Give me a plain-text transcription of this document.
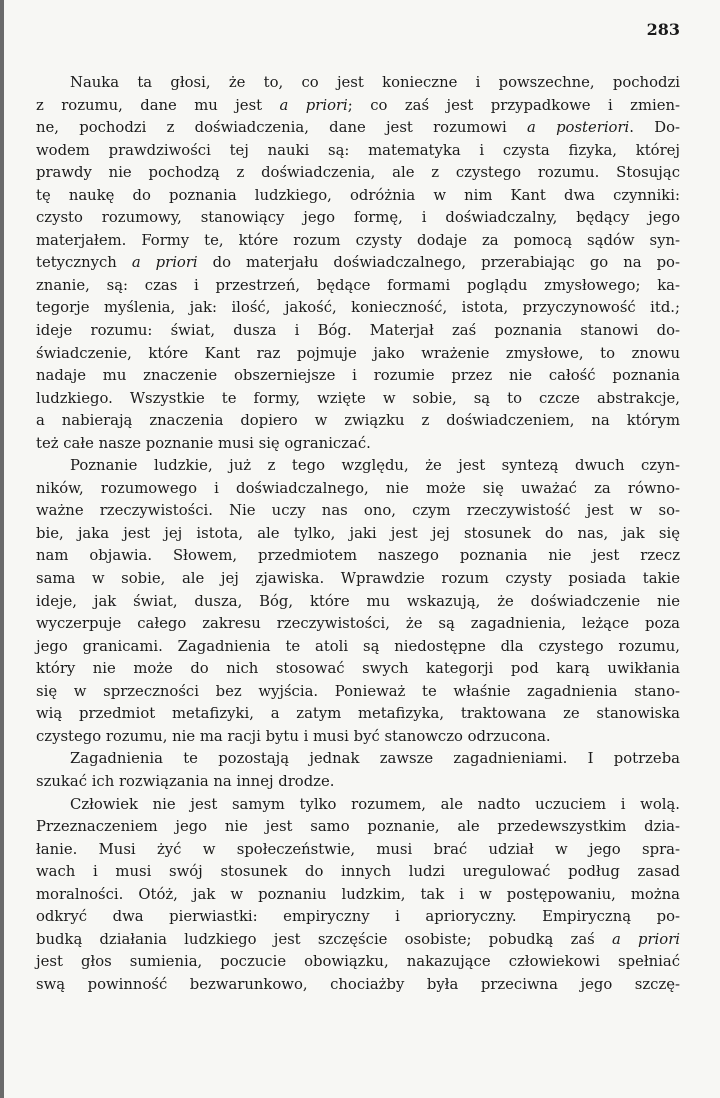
283
Nauka ta głosi, że to, co jest konieczne i powszechne, pochodzi
z rozumu, dane mu jest a priori; co zaś jest przypadkowe i zmien-
ne, pochodzi z doświadczenia, dane jest rozumowi a posteriori. Do-
wodem prawdziwości tej nauki są: matematyka i czysta fizyka, której
prawdy nie pochodzą z doświadczenia, ale z czystego rozumu. Stosując
tę naukę do poznania ludzkiego, odróżnia w nim Kant dwa czynniki:
czysto rozumowy, stanowiący jego formę, i doświadczalny, będący jego
materjałem. Formy te, które rozum czysty dodaje za pomocą sądów syn-
tetycznych a priori do materjału doświadczalnego, przerabiając go na po-
znanie, są: czas i przestrzeń, będące formami poglądu zmysłowego; ka-
tegorje myślenia, jak: ilość, jakość, konieczność, istota, przyczynowość itd.;
ideje rozumu: świat, dusza i Bóg. Materjał zaś poznania stanowi do-
świadczenie, które Kant raz pojmuje jako wrażenie zmysłowe, to znowu
nadaje mu znaczenie obszerniejsze i rozumie przez nie całość poznania
ludzkiego. Wszystkie te formy, wzięte w sobie, są to czcze abstrakcje,
a nabierają znaczenia dopiero w związku z doświadczeniem, na którym
też całe nasze poznanie musi się ograniczać.
Poznanie ludzkie, już z tego względu, że jest syntezą dwuch czyn-
ników, rozumowego i doświadczalnego, nie może się uważać za równo-
ważne rzeczywistości. Nie uczy nas ono, czym rzeczywistość jest w so-
bie, jaka jest jej istota, ale tylko, jaki jest jej stosunek do nas, jak się
nam objawia. Słowem, przedmiotem naszego poznania nie jest rzecz
sama w sobie, ale jej zjawiska. Wprawdzie rozum czysty posiada takie
ideje, jak świat, dusza, Bóg, które mu wskazują, że doświadczenie nie
wyczerpuje całego zakresu rzeczywistości, że są zagadnienia, leżące poza
jego granicami. Zagadnienia te atoli są niedostępne dla czystego rozumu,
który nie może do nich stosować swych kategorji pod karą uwikłania
się w sprzeczności bez wyjścia. Ponieważ te właśnie zagadnienia stano-
wią przedmiot metafizyki, a zatym metafizyka, traktowana ze stanowiska
czystego rozumu, nie ma racji bytu i musi być stanowczo odrzucona.
Zagadnienia te pozostają jednak zawsze zagadnieniami. I potrzeba
szukać ich rozwiązania na innej drodze.
Człowiek nie jest samym tylko rozumem, ale nadto uczuciem i wolą.
Przeznaczeniem jego nie jest samo poznanie, ale przedewszystkim dzia-
łanie. Musi żyć w społeczeństwie, musi brać udział w jego spra-
wach i musi swój stosunek do innych ludzi uregulować podług zasad
moralności. Otóż, jak w poznaniu ludzkim, tak i w postępowaniu, można
odkryć dwa pierwiastki: empiryczny i aprioryczny. Empiryczną po-
budką działania ludzkiego jest szczęście osobiste; pobudką zaś a priori
jest głos sumienia, poczucie obowiązku, nakazujące człowiekowi spełniać
swą powinność bezwarunkowo, chociażby była przeciwna jego szczę-
